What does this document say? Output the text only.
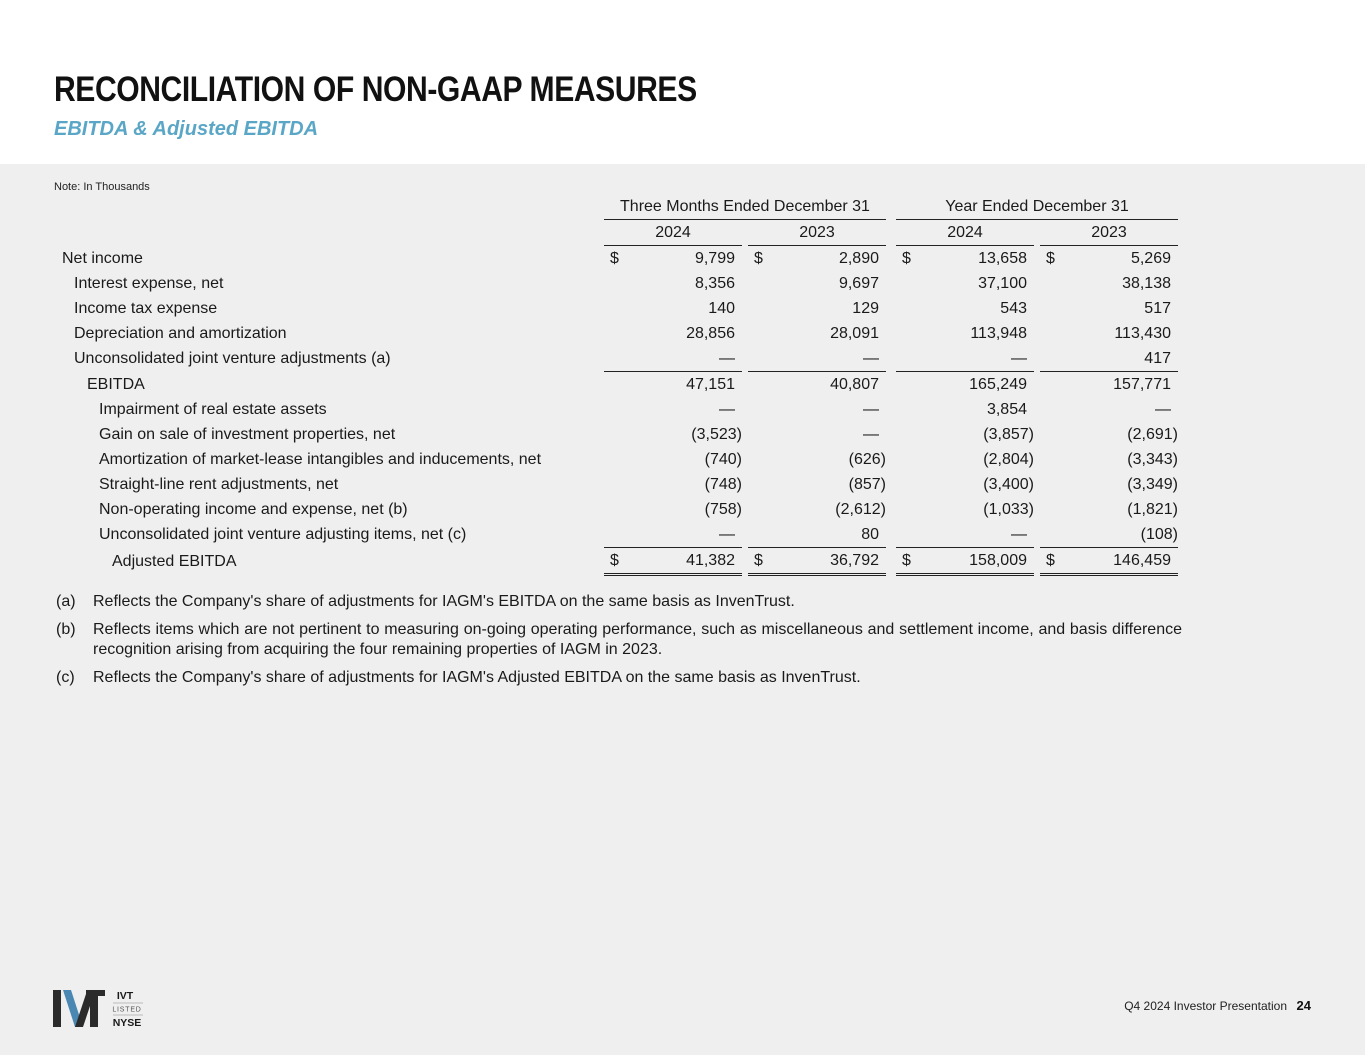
RECONCILIATION OF NON-GAAP MEASURES
EBITDA & Adjusted EBITDA
Note: In Thousands
	Three Months Ended December 31				Year Ended December 31		
	2024		2023		2024		2023
Net income	$ 9,799		$ 2,890		$ 13,658		$ 5,269
Interest expense, net	8,356		9,697		37,100		38,138
Income tax expense	140		129		543		517
Depreciation and amortization	28,856		28,091		113,948		113,430
Unconsolidated joint venture adjustments (a)	—		—		—		417
EBITDA	47,151		40,807		165,249		157,771
Impairment of real estate assets	—		—		3,854		—
Gain on sale of investment properties, net	(3,523)		—		(3,857)		(2,691)
Amortization of market-lease intangibles and inducements, net	(740)		(626)		(2,804)		(3,343)
Straight-line rent adjustments, net	(748)		(857)		(3,400)		(3,349)
Non-operating income and expense, net (b)	(758)		(2,612)		(1,033)		(1,821)
Unconsolidated joint venture adjusting items, net (c)	—		80		—		(108)
Adjusted EBITDA	$ 41,382		$ 36,792		$ 158,009		$ 146,459
(a)	Reflects the Company's share of adjustments for IAGM's EBITDA on the same basis as InvenTrust.
(b)	Reflects items which are not pertinent to measuring on-going operating performance, such as miscellaneous and settlement income, and basis difference recognition arising from acquiring the four remaining properties of IAGM in 2023.
(c)	Reflects the Company's share of adjustments for IAGM's Adjusted EBITDA on the same basis as InvenTrust.
IVT
LISTED
NYSE
Q4 2024 Investor Presentation 24
